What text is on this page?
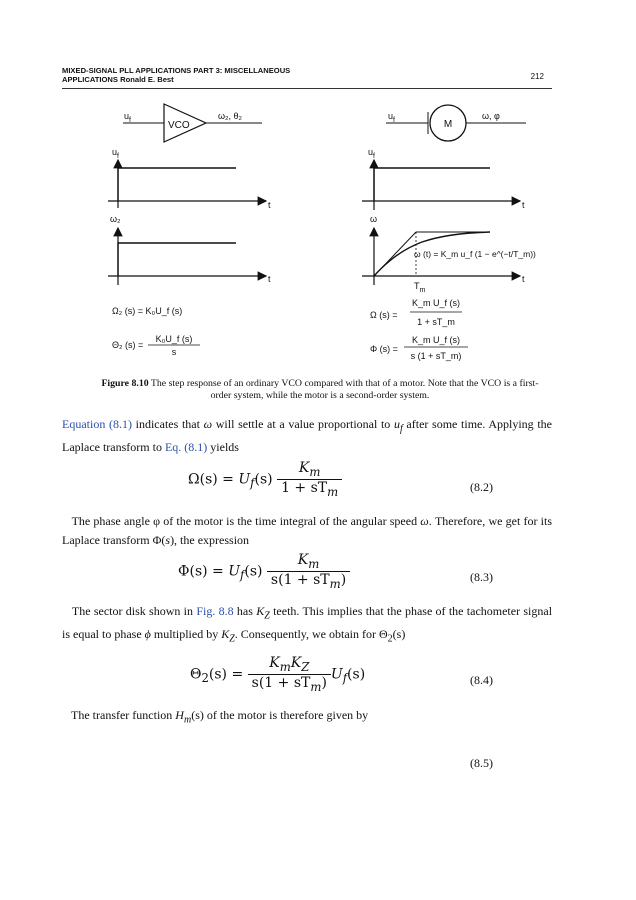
MIXED-SIGNAL PLL APPLICATIONS PART 3: MISCELLANEOUS
APPLICATIONS Ronald E. Best	212
$u_f$	VCO
ω₂, θ₂
$u_f$
t
ω₂
t
Ω₂ (s) = K₀U_f (s)
Θ₂ (s) =
K₀U_f (s)
s
$u_f$	M
ω, φ
$u_f$
t
ω
$T_m$
ω (t) = K_m u_f (1 − e^(−t/T_m))
t
Ω (s) =
K_m U_f (s)
1 + sT_m
Φ (s) =
K_m U_f (s)
s (1 + sT_m)
Figure 8.10 The step response of an ordinary VCO compared with that of a motor. Note that the VCO is a first-order system, while the motor is a second-order system.
Equation (8.1) indicates that ω will settle at a value proportional to $u_f$ after some time. Applying the Laplace transform to Eq. (8.1) yields
$\Omega(s) = U_f(s) \frac{K_m}{1 + sT_m}$	(8.2)
The phase angle φ of the motor is the time integral of the angular speed ω. Therefore, we get for its Laplace transform Φ(s), the expression
$\Phi(s) = U_f(s) \frac{K_m}{s(1 + sT_m)}$	(8.3)
The sector disk shown in Fig. 8.8 has $K_Z$ teeth. This implies that the phase of the tachometer signal is equal to phase ϕ multiplied by $K_Z$. Consequently, we obtain for $\Theta_2(s)$
$\Theta_2(s) = \frac{K_mK_Z}{s(1 + sT_m)} U_f(s)$	(8.4)
The transfer function $H_m(s)$ of the motor is therefore given by
(8.5)
